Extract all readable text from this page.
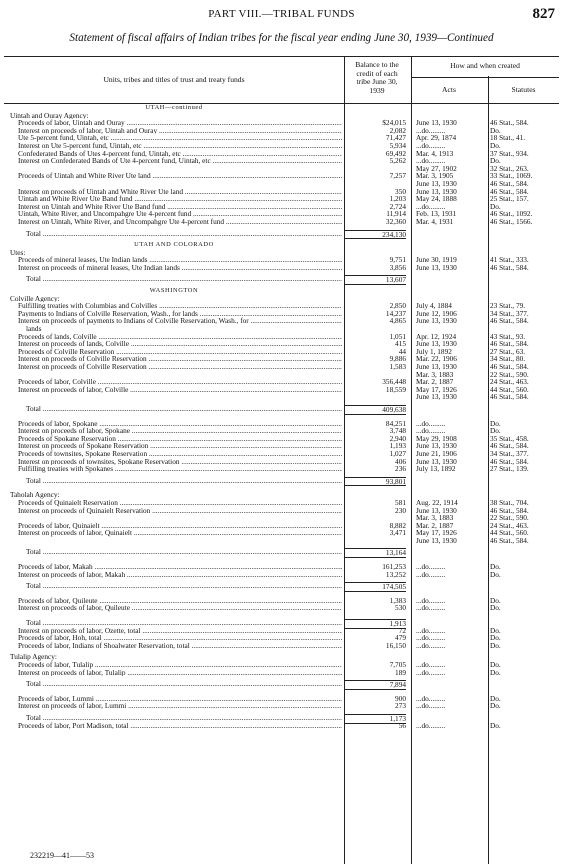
PART VIII.—TRIBAL FUNDS	827
Statement of fiscal affairs of Indian tribes for the fiscal year ending June 30, 1939—Continued
Units, tribes and titles of trust and treaty funds
Balance to the
credit of each
tribe June 30,
1939
How and when created
Acts	Statutes
UTAH—continued
Uintah and Ouray Agency:
Proceeds of labor, Uintah and Ouray .....	$24,015 June 13, 1930	46 Stat., 584.
Interest on proceeds of labor, Uintah and Ouray .....	2,082 ...do.........	Do.
Ute 5-percent fund, Uintah, etc .....	71,427 Apr. 29, 1874	18 Stat., 41.
Interest on Ute 5-percent fund, Uintah, etc .....	5,934 ...do.........	Do.
Confederated Bands of Utes 4-percent fund, Uintah, etc .....	69,492 Mar. 4, 1913	37 Stat., 934.
Interest on Confederated Bands of Ute 4-percent fund, Uintah, etc .....	5,262 ...do.........	Do.
May 27, 1902	32 Stat., 263.
Proceeds of Uintah and White River Ute land .....	7,257 Mar. 3, 1905	33 Stat., 1069.
June 13, 1930	46 Stat., 584.
Interest on proceeds of Uintah and White River Ute land .....	350 June 13, 1930	46 Stat., 584.
Uintah and White River Ute Band fund .....	1,203 May 24, 1888	25 Stat., 157.
Interest on Uintah and White River Ute Band fund .....	2,724 ...do.........	Do.
Uintah, White River, and Uncompahgre Ute 4-percent fund .....	11,914 Feb. 13, 1931	46 Stat., 1092.
Interest on Uintah, White River, and Uncompahgre Ute 4-percent fund .....	32,360 Mar. 4, 1931	46 Stat., 1566.
Total .....	234,130
UTAH AND COLORADO
Utes:
Proceeds of mineral leases, Ute Indian lands .....	9,751 June 30, 1919	41 Stat., 333.
Interest on proceeds of mineral leases, Ute Indian lands .....	3,856 June 13, 1930	46 Stat., 584.
Total .....	13,607
WASHINGTON
Colville Agency:
Fulfilling treaties with Columbias and Colvilles .....	2,850 July 4, 1884	23 Stat., 79.
Payments to Indians of Colville Reservation, Wash., for lands .....	14,237 June 12, 1906	34 Stat., 377.
Interest on proceeds of payments to Indians of Colville Reservation, Wash., for .....	4,865 June 13, 1930	46 Stat., 584.
lands
Proceeds of lands, Colville .....	1,051 Apr. 12, 1924	43 Stat., 93.
Interest on proceeds of lands, Colville .....	415 June 13, 1930	46 Stat., 584.
Proceeds of Colville Reservation .....	44 July 1, 1892	27 Stat., 63.
Interest on proceeds of Colville Reservation .....	9,886 Mar. 22, 1906	34 Stat., 80.
Interest on proceeds of Colville Reservation .....	1,583 June 13, 1930	46 Stat., 584.
Mar. 3, 1883	22 Stat., 590.
Proceeds of labor, Colville .....	356,448 Mar. 2, 1887	24 Stat., 463.
Interest on proceeds of labor, Colville .....	18,559 May 17, 1926	44 Stat., 560.
June 13, 1930	46 Stat., 584.
Total .....	409,638
Proceeds of labor, Spokane .....	84,251 ...do.........	Do.
Interest on proceeds of labor, Spokane .....	3,748 ...do.........	Do.
Proceeds of Spokane Reservation .....	2,940 May 29, 1908	35 Stat., 458.
Interest on proceeds of Spokane Reservation .....	1,193 June 13, 1930	46 Stat., 584.
Proceeds of townsites, Spokane Reservation .....	1,027 June 21, 1906	34 Stat., 377.
Interest on proceeds of townsites, Spokane Reservation .....	406 June 13, 1930	46 Stat., 584.
Fulfilling treaties with Spokanes .....	236 July 13, 1892	27 Stat., 139.
Total .....	93,801
Taholah Agency:
Proceeds of Quinaielt Reservation .....	581 Aug. 22, 1914	38 Stat., 704.
Interest on proceeds of Quinaielt Reservation .....	230 June 13, 1930	46 Stat., 584.
Mar. 3, 1883	22 Stat., 590.
Proceeds of labor, Quinaielt .....	8,882 Mar. 2, 1887	24 Stat., 463.
Interest on proceeds of labor, Quinaielt .....	3,471 May 17, 1926	44 Stat., 560.
June 13, 1930	46 Stat., 584.
Total .....	13,164
Proceeds of labor, Makah .....	161,253 ...do.........	Do.
Interest on proceeds of labor, Makah .....	13,252 ...do.........	Do.
Total .....	174,505
Proceeds of labor, Quileute .....	1,383 ...do.........	Do.
Interest on proceeds of labor, Quileute .....	530 ...do.........	Do.
Total .....	1,913
Interest on proceeds of labor, Ozette, total .....	72 ...do.........	Do.
Proceeds of labor, Hoh, total .....	479 ...do.........	Do.
Proceeds of labor, Indians of Shoalwater Reservation, total .....	16,150 ...do.........	Do.
Tulalip Agency:
Proceeds of labor, Tulalip .....	7,705 ...do.........	Do.
Interest on proceeds of labor, Tulalip .....	189 ...do.........	Do.
Total .....	7,894
Proceeds of labor, Lummi .....	900 ...do.........	Do.
Interest on proceeds of labor, Lummi .....	273 ...do.........	Do.
Total .....	1,173
Proceeds of labor, Port Madison, total .....	56 ...do.........	Do.
232219—41——53
